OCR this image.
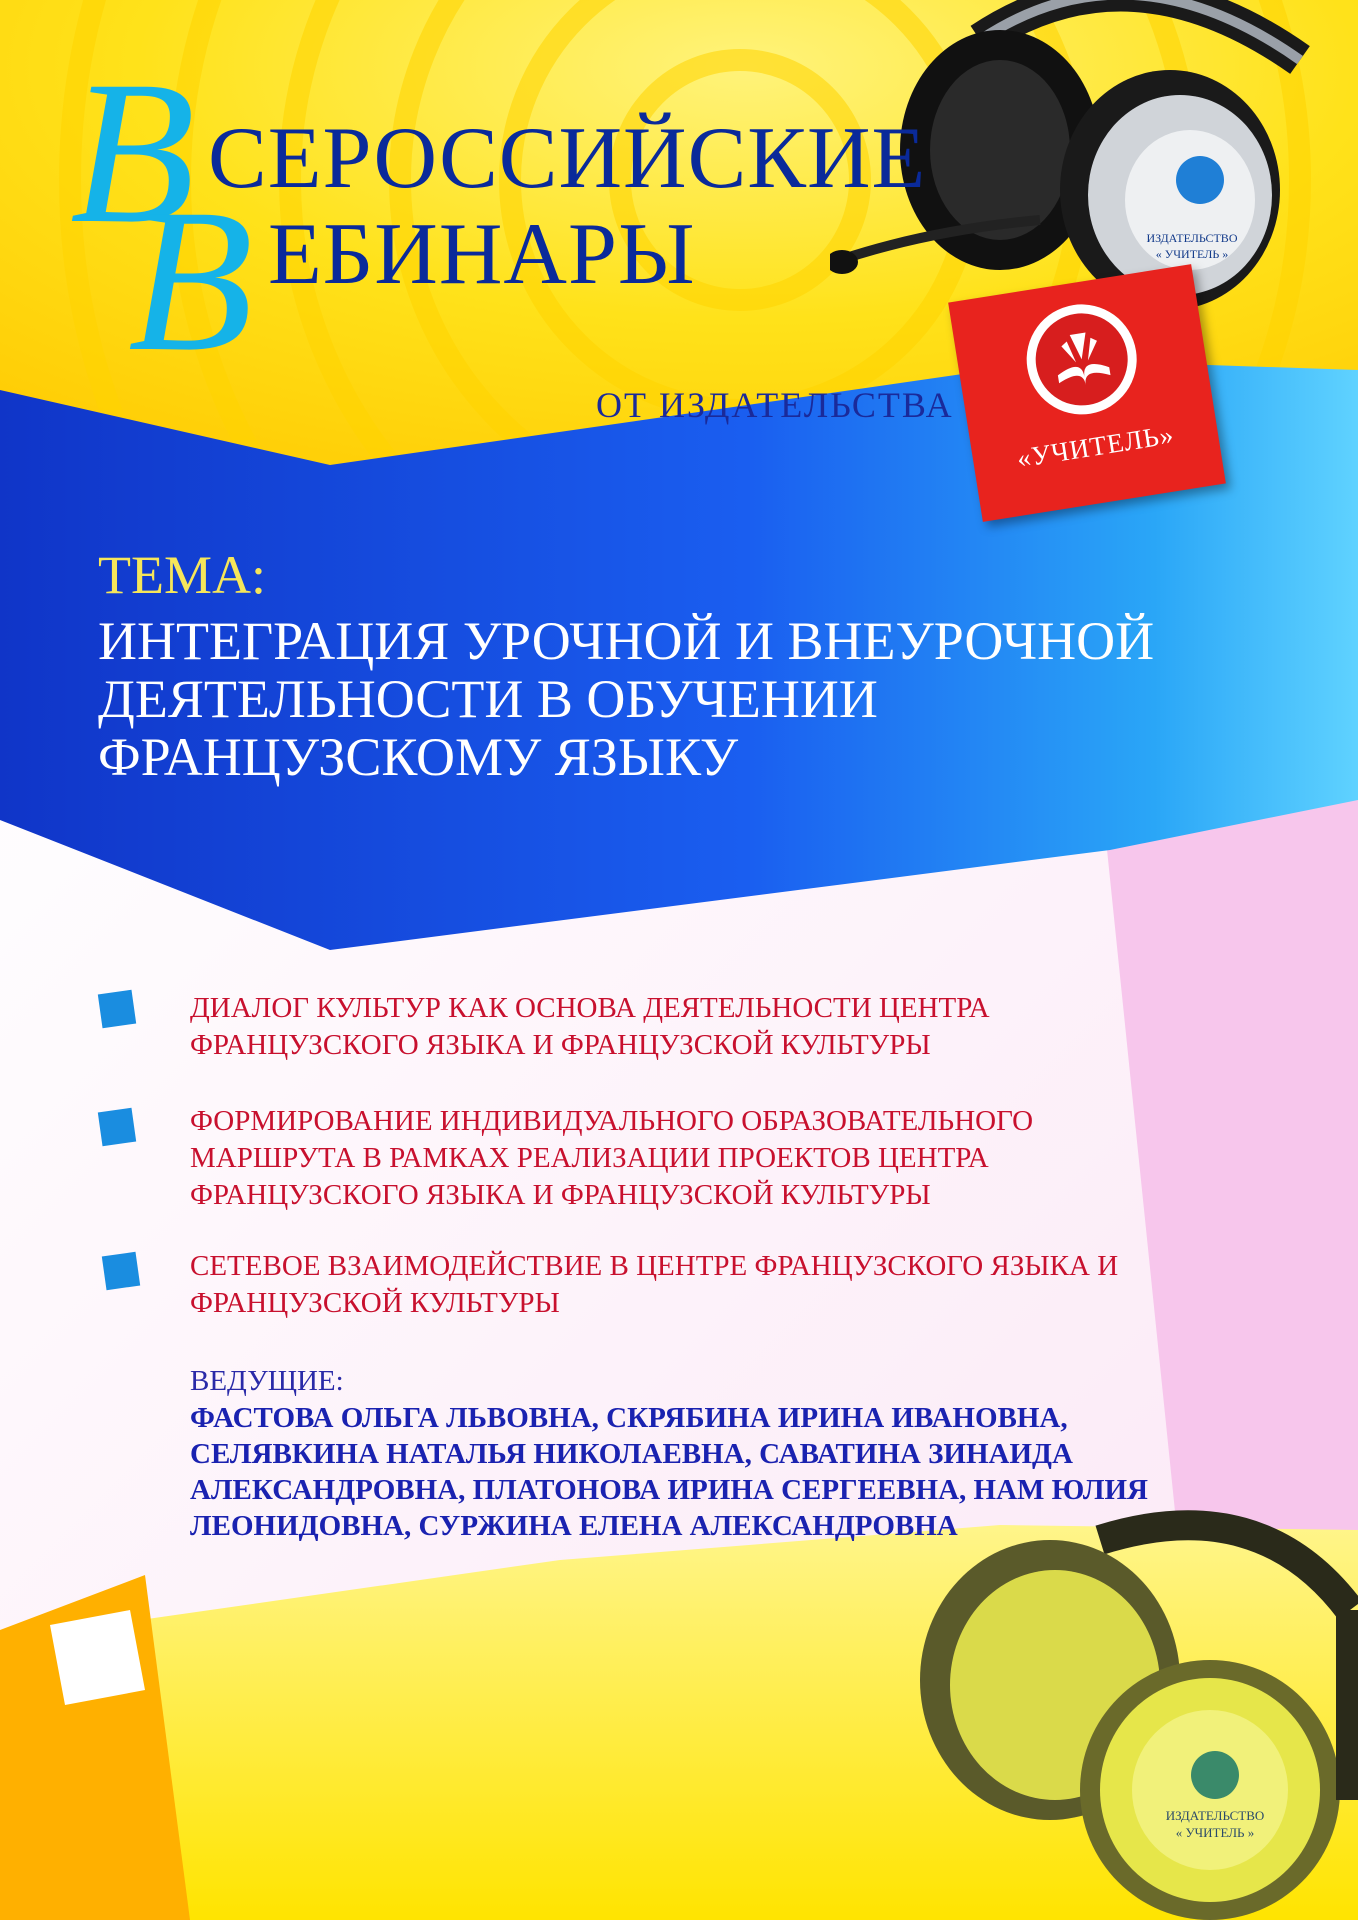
ИЗДАТЕЛЬСТВО
« УЧИТЕЛЬ »
ИЗДАТЕЛЬСТВО
« УЧИТЕЛЬ »
В СЕРОССИЙСКИЕ
В ЕБИНАРЫ
ОТ ИЗДАТЕЛЬСТВА
«УЧИТЕЛЬ»
ТЕМА:
ИНТЕГРАЦИЯ УРОЧНОЙ И ВНЕУРОЧНОЙ
ДЕЯТЕЛЬНОСТИ В ОБУЧЕНИИ
ФРАНЦУЗСКОМУ ЯЗЫКУ
ДИАЛОГ КУЛЬТУР КАК ОСНОВА ДЕЯТЕЛЬНОСТИ ЦЕНТРА
ФРАНЦУЗСКОГО ЯЗЫКА И ФРАНЦУЗСКОЙ КУЛЬТУРЫ
ФОРМИРОВАНИЕ ИНДИВИДУАЛЬНОГО ОБРАЗОВАТЕЛЬНОГО
МАРШРУТА В РАМКАХ РЕАЛИЗАЦИИ ПРОЕКТОВ ЦЕНТРА
ФРАНЦУЗСКОГО ЯЗЫКА И ФРАНЦУЗСКОЙ КУЛЬТУРЫ
СЕТЕВОЕ ВЗАИМОДЕЙСТВИЕ В ЦЕНТРЕ ФРАНЦУЗСКОГО ЯЗЫКА И
ФРАНЦУЗСКОЙ КУЛЬТУРЫ
ВЕДУЩИЕ:
ФАСТОВА ОЛЬГА ЛЬВОВНА, СКРЯБИНА ИРИНА ИВАНОВНА,
СЕЛЯВКИНА НАТАЛЬЯ НИКОЛАЕВНА, САВАТИНА ЗИНАИДА
АЛЕКСАНДРОВНА, ПЛАТОНОВА ИРИНА СЕРГЕЕВНА, НАМ ЮЛИЯ
ЛЕОНИДОВНА, СУРЖИНА ЕЛЕНА АЛЕКСАНДРОВНА
